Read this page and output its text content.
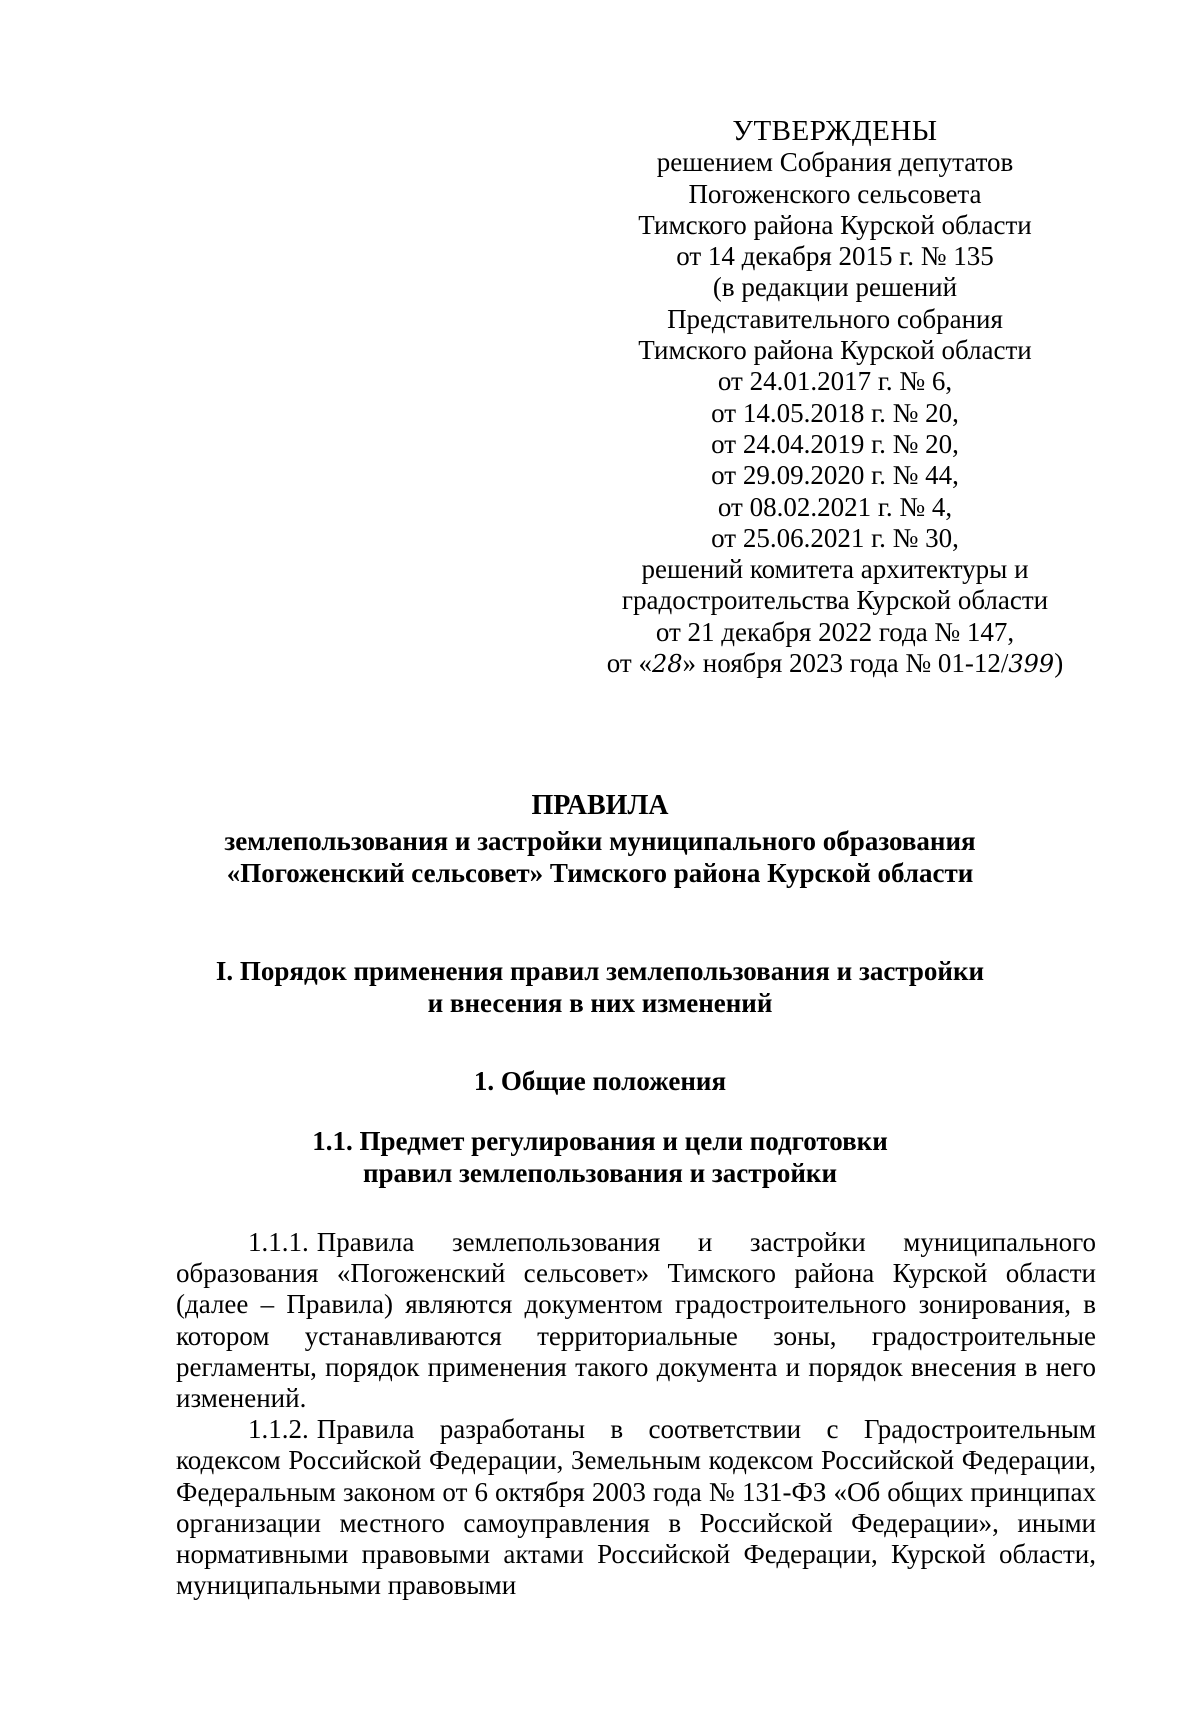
УТВЕРЖДЕНЫ
решением Собрания депутатов
Погоженского сельсовета
Тимского района Курской области
от 14 декабря 2015 г. № 135
(в редакции решений
Представительного собрания
Тимского района Курской области
от 24.01.2017 г. № 6,
от 14.05.2018 г. № 20,
от 24.04.2019 г. № 20,
от 29.09.2020 г. № 44,
от 08.02.2021 г. № 4,
от 25.06.2021 г. № 30,
решений комитета архитектуры и
градостроительства Курской области
от 21 декабря 2022 года № 147,
от «28» ноября 2023 года № 01-12/399)
ПРАВИЛА
землепользования и застройки муниципального образования
«Погоженский сельсовет» Тимского района Курской области
I. Порядок применения правил землепользования и застройки
и внесения в них изменений
1. Общие положения
1.1. Предмет регулирования и цели подготовки
правил землепользования и застройки

1.1.1. Правила землепользования и застройки муниципального образования «Погоженский сельсовет» Тимского района Курской области (далее – Правила) являются документом градостроительного зонирования, в котором устанавливаются территориальные зоны, градостроительные регламенты, порядок применения такого документа и порядок внесения в него изменений.

1.1.2. Правила разработаны в соответствии с Градостроительным кодексом Российской Федерации, Земельным кодексом Российской Федерации, Федеральным законом от 6 октября 2003 года № 131-ФЗ «Об общих принципах организации местного самоуправления в Российской Федерации», иными нормативными правовыми актами Российской Федерации, Курской области, муниципальными правовыми
